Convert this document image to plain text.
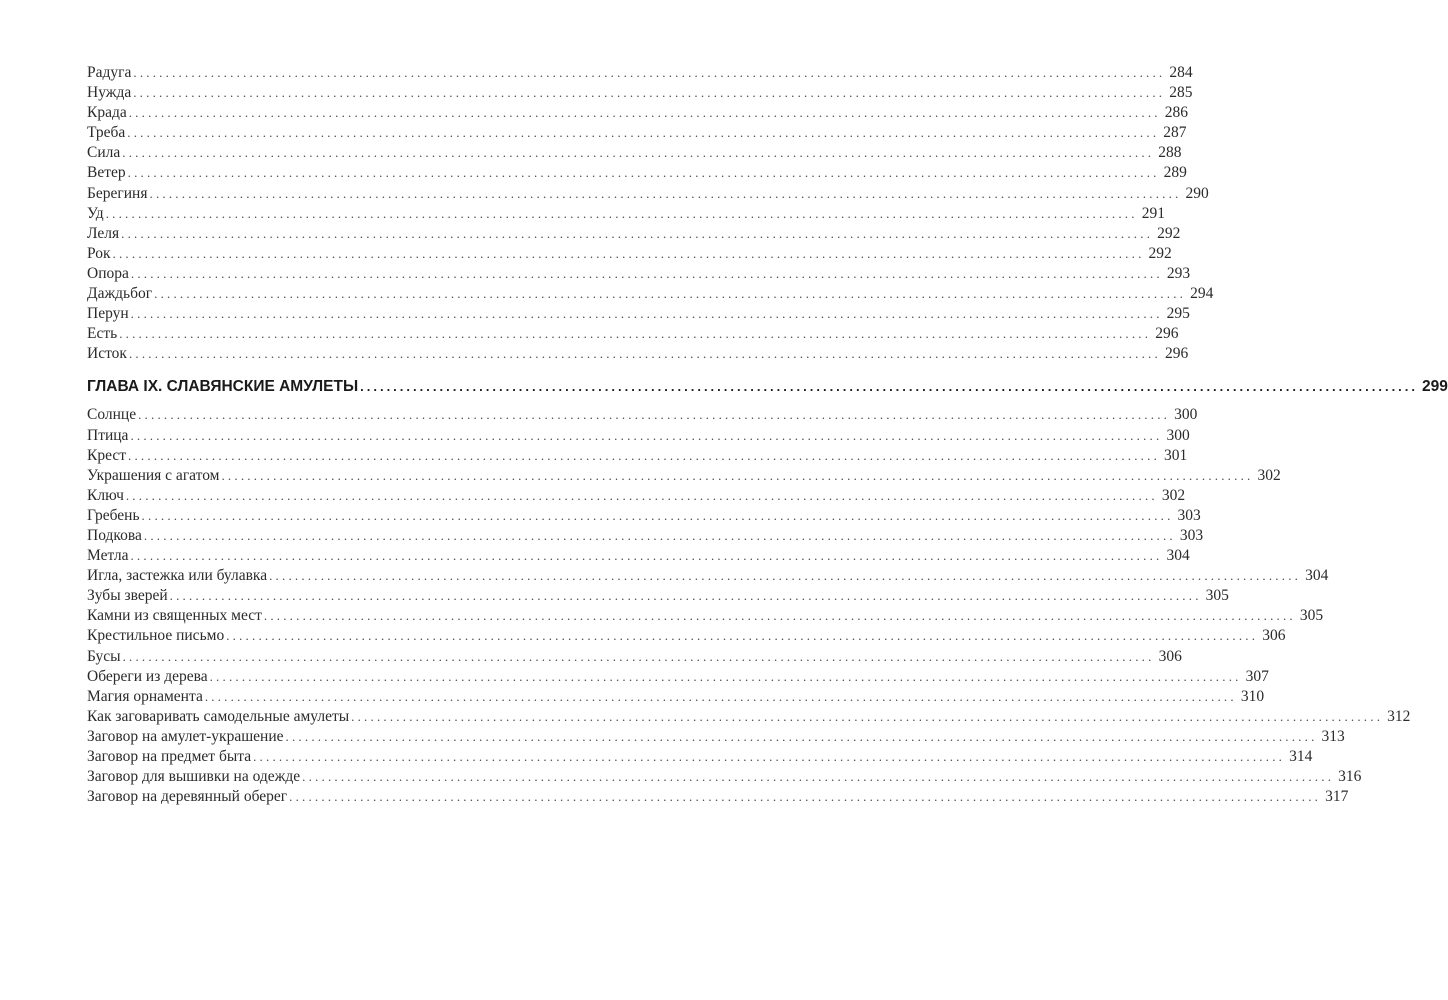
Радуга ................................................................................................................................................................ 284
Нужда ................................................................................................................................................................ 285
Крада ................................................................................................................................................................ 286
Треба ................................................................................................................................................................ 287
Сила ................................................................................................................................................................ 288
Ветер ................................................................................................................................................................ 289
Берегиня ................................................................................................................................................................ 290
Уд ................................................................................................................................................................ 291
Леля ................................................................................................................................................................ 292
Рок ................................................................................................................................................................ 292
Опора ................................................................................................................................................................ 293
Даждьбог ................................................................................................................................................................ 294
Перун ................................................................................................................................................................ 295
Есть ................................................................................................................................................................ 296
Исток ................................................................................................................................................................ 296
ГЛАВА IX. СЛАВЯНСКИЕ АМУЛЕТЫ ................................................................................................................................................................ 299
Солнце ................................................................................................................................................................ 300
Птица ................................................................................................................................................................ 300
Крест ................................................................................................................................................................ 301
Украшения с агатом ................................................................................................................................................................ 302
Ключ ................................................................................................................................................................ 302
Гребень ................................................................................................................................................................ 303
Подкова ................................................................................................................................................................ 303
Метла ................................................................................................................................................................ 304
Игла, застежка или булавка ................................................................................................................................................................ 304
Зубы зверей ................................................................................................................................................................ 305
Камни из священных мест ................................................................................................................................................................ 305
Крестильное письмо ................................................................................................................................................................ 306
Бусы ................................................................................................................................................................ 306
Обереги из дерева ................................................................................................................................................................ 307
Магия орнамента ................................................................................................................................................................ 310
Как заговаривать самодельные амулеты ................................................................................................................................................................ 312
Заговор на амулет-украшение ................................................................................................................................................................ 313
Заговор на предмет быта ................................................................................................................................................................ 314
Заговор для вышивки на одежде ................................................................................................................................................................ 316
Заговор на деревянный оберег ................................................................................................................................................................ 317
